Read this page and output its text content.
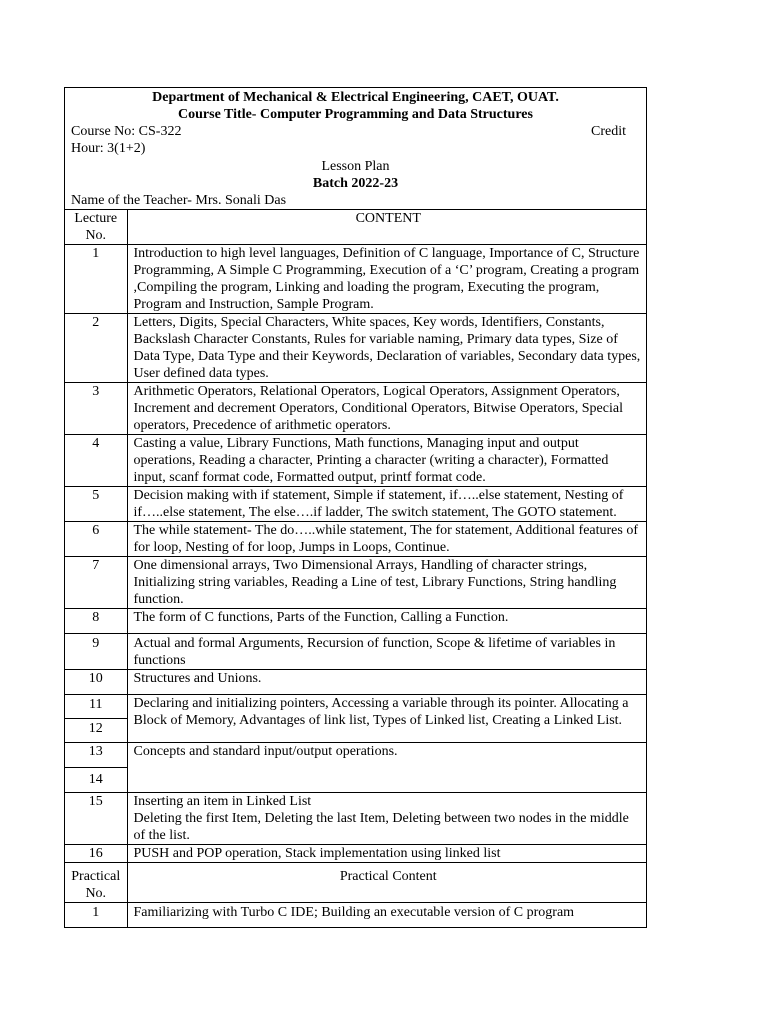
Department of Mechanical & Electrical Engineering, CAET, OUAT.
Course Title- Computer Programming and Data Structures
Course No: CS-322	Credit
Hour: 3(1+2)
Lesson Plan
Batch 2022-23
Name of the Teacher- Mrs. Sonali Das
Lecture No.	CONTENT
1	Introduction to high level languages, Definition of C language, Importance of C, Structure Programming, A Simple C Programming, Execution of a ‘C’ program, Creating a program ,Compiling the program, Linking and loading the program, Executing the program, Program and Instruction, Sample Program.
2	Letters, Digits, Special Characters, White spaces, Key words, Identifiers, Constants, Backslash Character Constants, Rules for variable naming, Primary data types, Size of Data Type, Data Type and their Keywords, Declaration of variables, Secondary data types, User defined data types.
3	Arithmetic Operators, Relational Operators, Logical Operators, Assignment Operators, Increment and decrement Operators, Conditional Operators, Bitwise Operators, Special operators, Precedence of arithmetic operators.
4	Casting a value, Library Functions, Math functions, Managing input and output operations, Reading a character, Printing a character (writing a character), Formatted input, scanf format code, Formatted output, printf format code.
5	Decision making with if statement, Simple if statement, if…..else statement, Nesting of if…..else statement, The else….if ladder, The switch statement, The GOTO statement.
6	The while statement- The do…..while statement, The for statement, Additional features of for loop, Nesting of for loop, Jumps in Loops, Continue.
7	One dimensional arrays, Two Dimensional Arrays, Handling of character strings, Initializing string variables, Reading a Line of test, Library Functions, String handling function.
8	The form of C functions, Parts of the Function, Calling a Function.
9	Actual and formal Arguments, Recursion of function, Scope & lifetime of variables in functions
10	Structures and Unions.
11	Declaring and initializing pointers, Accessing a variable through its pointer. Allocating a Block of Memory, Advantages of link list, Types of Linked list, Creating a Linked List.
12	
13	Concepts and standard input/output operations.
14	
15	Inserting an item in Linked List
Deleting the first Item, Deleting the last Item, Deleting between two nodes in the middle of the list.

16	PUSH and POP operation, Stack implementation using linked list
Practical No.	Practical Content
1	Familiarizing with Turbo C IDE; Building an executable version of C program
